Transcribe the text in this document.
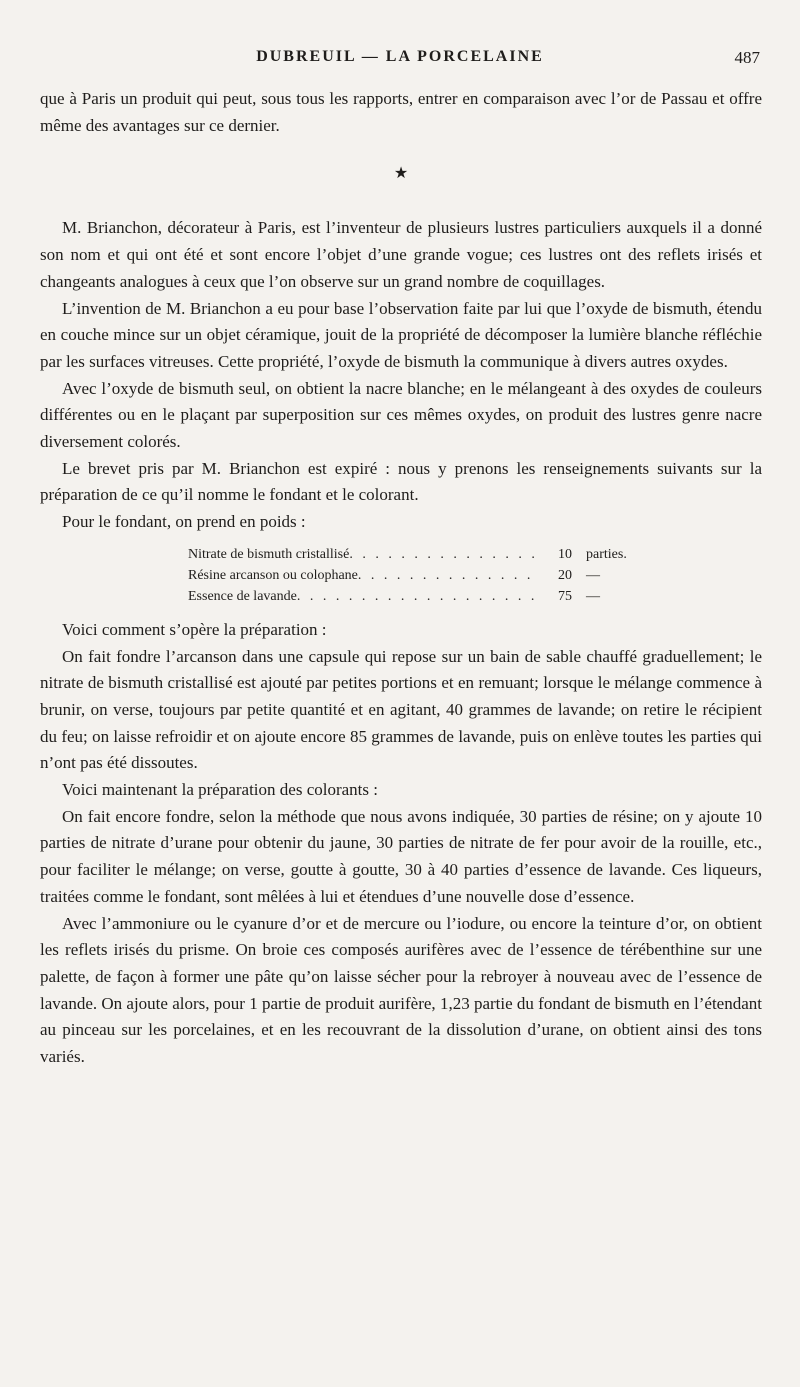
DUBREUIL — LA PORCELAINE	487

que à Paris un produit qui peut, sous tous les rapports, entrer en comparaison avec l’or de Passau et offre même des avantages sur ce dernier.

★

M. Brianchon, décorateur à Paris, est l’inventeur de plusieurs lustres particuliers auxquels il a donné son nom et qui ont été et sont encore l’objet d’une grande vogue; ces lustres ont des reflets irisés et changeants analogues à ceux que l’on observe sur un grand nombre de coquillages.

L’invention de M. Brianchon a eu pour base l’observation faite par lui que l’oxyde de bismuth, étendu en couche mince sur un objet céramique, jouit de la propriété de décomposer la lumière blanche réfléchie par les surfaces vitreuses. Cette propriété, l’oxyde de bismuth la communique à divers autres oxydes.

Avec l’oxyde de bismuth seul, on obtient la nacre blanche; en le mélangeant à des oxydes de couleurs différentes ou en le plaçant par superposition sur ces mêmes oxydes, on produit des lustres genre nacre diversement colorés.

Le brevet pris par M. Brianchon est expiré : nous y prenons les renseignements suivants sur la préparation de ce qu’il nomme le fondant et le colorant.

Pour le fondant, on prend en poids :

Nitrate de bismuth cristallisé . . .	10	parties.
Résine arcanson ou colophane . . .	20	—
Essence de lavande . . .	75	—

Voici comment s’opère la préparation :

On fait fondre l’arcanson dans une capsule qui repose sur un bain de sable chauffé graduellement; le nitrate de bismuth cristallisé est ajouté par petites portions et en remuant; lorsque le mélange commence à brunir, on verse, toujours par petite quantité et en agitant, 40 grammes de lavande; on retire le récipient du feu; on laisse refroidir et on ajoute encore 85 grammes de lavande, puis on enlève toutes les parties qui n’ont pas été dissoutes.

Voici maintenant la préparation des colorants :

On fait encore fondre, selon la méthode que nous avons indiquée, 30 parties de résine; on y ajoute 10 parties de nitrate d’urane pour obtenir du jaune, 30 parties de nitrate de fer pour avoir de la rouille, etc., pour faciliter le mélange; on verse, goutte à goutte, 30 à 40 parties d’essence de lavande. Ces liqueurs, traitées comme le fondant, sont mêlées à lui et étendues d’une nouvelle dose d’essence.

Avec l’ammoniure ou le cyanure d’or et de mercure ou l’iodure, ou encore la teinture d’or, on obtient les reflets irisés du prisme. On broie ces composés aurifères avec de l’essence de térébenthine sur une palette, de façon à former une pâte qu’on laisse sécher pour la rebroyer à nouveau avec de l’essence de lavande. On ajoute alors, pour 1 partie de produit aurifère, 1,23 partie du fondant de bismuth en l’étendant au pinceau sur les porcelaines, et en les recouvrant de la dissolution d’urane, on obtient ainsi des tons variés.
